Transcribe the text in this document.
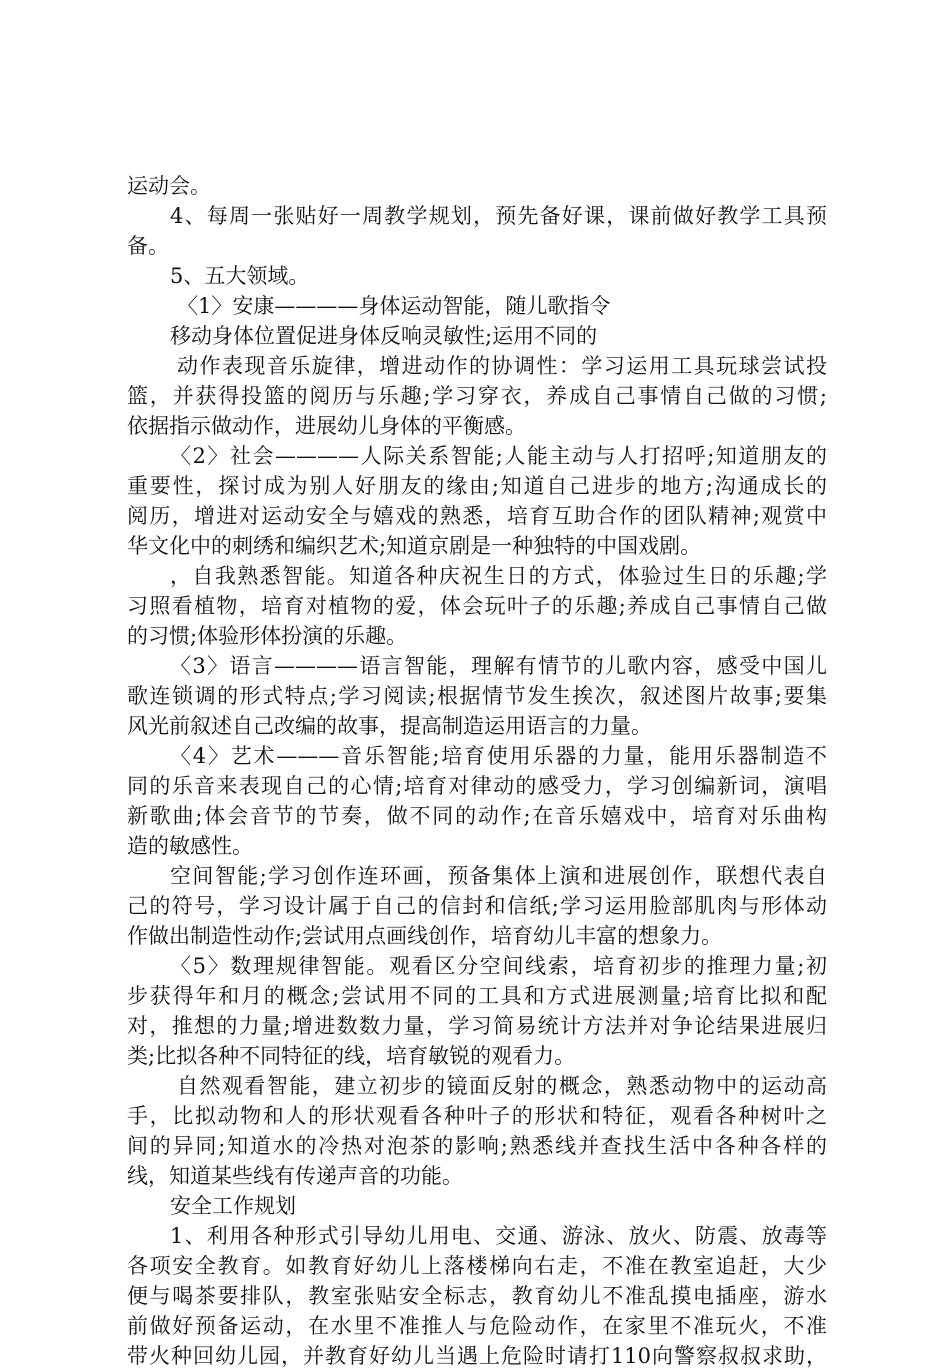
运动会。
4、每周一张贴好一周教学规划，预先备好课，课前做好教学工具预
备。
5、五大领域。
〈1〉安康————身体运动智能，随儿歌指令
移动身体位置促进身体反响灵敏性;运用不同的
动作表现音乐旋律，增进动作的协调性：学习运用工具玩球尝试投
篮，并获得投篮的阅历与乐趣;学习穿衣，养成自己事情自己做的习惯;
依据指示做动作，进展幼儿身体的平衡感。
〈2〉社会————人际关系智能;人能主动与人打招呼;知道朋友的
重要性，探讨成为别人好朋友的缘由;知道自己进步的地方;沟通成长的
阅历，增进对运动安全与嬉戏的熟悉，培育互助合作的团队精神;观赏中
华文化中的刺绣和编织艺术;知道京剧是一种独特的中国戏剧。
，自我熟悉智能。知道各种庆祝生日的方式，体验过生日的乐趣;学
习照看植物，培育对植物的爱，体会玩叶子的乐趣;养成自己事情自己做
的习惯;体验形体扮演的乐趣。
〈3〉语言————语言智能，理解有情节的儿歌内容，感受中国儿
歌连锁调的形式特点;学习阅读;根据情节发生挨次，叙述图片故事;要集
风光前叙述自己改编的故事，提高制造运用语言的力量。
〈4〉艺术———音乐智能;培育使用乐器的力量，能用乐器制造不
同的乐音来表现自己的心情;培育对律动的感受力，学习创编新词，演唱
新歌曲;体会音节的节奏，做不同的动作;在音乐嬉戏中，培育对乐曲构
造的敏感性。
空间智能;学习创作连环画，预备集体上演和进展创作，联想代表自
己的符号，学习设计属于自己的信封和信纸;学习运用脸部肌肉与形体动
作做出制造性动作;尝试用点画线创作，培育幼儿丰富的想象力。
〈5〉数理规律智能。观看区分空间线索，培育初步的推理力量;初
步获得年和月的概念;尝试用不同的工具和方式进展测量;培育比拟和配
对，推想的力量;增进数数力量，学习简易统计方法并对争论结果进展归
类;比拟各种不同特征的线，培育敏锐的观看力。
自然观看智能，建立初步的镜面反射的概念，熟悉动物中的运动高
手，比拟动物和人的形状观看各种叶子的形状和特征，观看各种树叶之
间的异同;知道水的冷热对泡茶的影响;熟悉线并查找生活中各种各样的
线，知道某些线有传递声音的功能。
安全工作规划
1、利用各种形式引导幼儿用电、交通、游泳、放火、防震、放毒等
各项安全教育。如教育好幼儿上落楼梯向右走，不准在教室追赶，大少
便与喝茶要排队，教室张贴安全标志，教育幼儿不准乱摸电插座，游水
前做好预备运动，在水里不准推人与危险动作，在家里不准玩火，不准
带火种回幼儿园，并教育好幼儿当遇上危险时请打110向警察叔叔求助，
